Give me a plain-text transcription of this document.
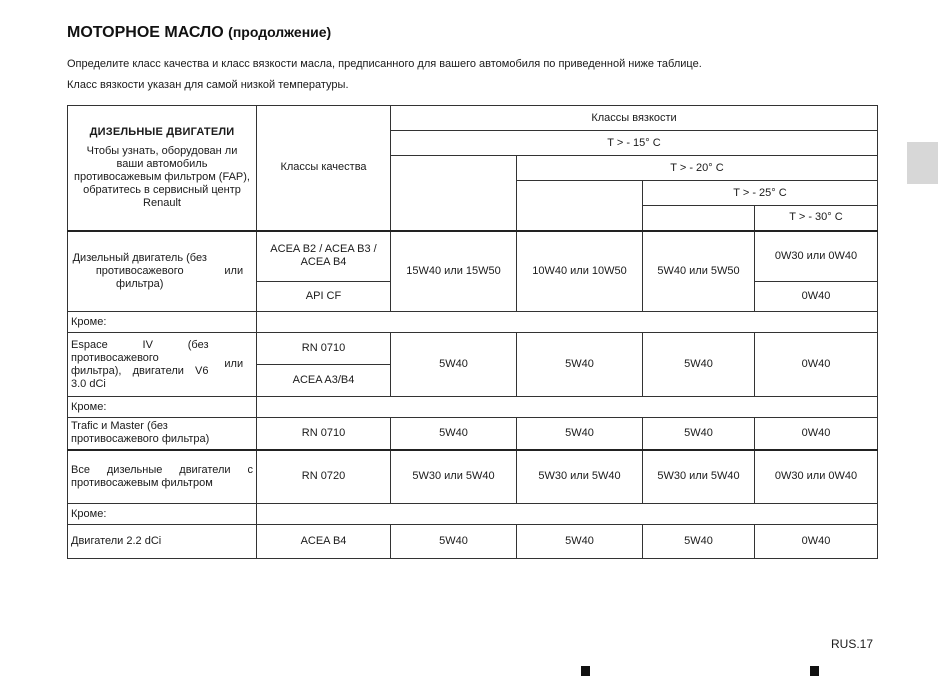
МОТОРНОЕ МАСЛО (продолжение)

Определите класс качества и класс вязкости масла, предписанного для вашего автомобиля по приведенной ниже таблице.

Класс вязкости указан для самой низкой температуры.

ДИЗЕЛЬНЫЕ ДВИГАТЕЛИ
Чтобы узнать, оборудован ли ваши автомобиль противосажевым фильтром (FAP), обратитесь в сервисный центр Renault		Классы качества	Классы вязкости			
			T > - 15° C			
				T > - 20° C		
					T > - 25° C	
						T > - 30° C
Дизельный двигатель (без противосажевого фильтра)	или	ACEA B2 / ACEA B3 / ACEA B4	15W40 или 15W50	10W40 или 10W50	5W40 или 5W50	0W30 или 0W40
		API CF				0W40
Кроме:						
Espace IV (без противосажевого фильтра), двигатели V6 3.0 dCi	или	RN 0710	5W40	5W40	5W40	0W40
		ACEA A3/B4				
Кроме:						
Trafic и Master (без противосажевого фильтра)		RN 0710	5W40	5W40	5W40	0W40
Все дизельные двигатели с противосажевым фильтром		RN 0720	5W30 или 5W40	5W30 или 5W40	5W30 или 5W40	0W30 или 0W40
Кроме:						
Двигатели 2.2 dCi		ACEA B4	5W40	5W40	5W40	0W40
RUS.17
